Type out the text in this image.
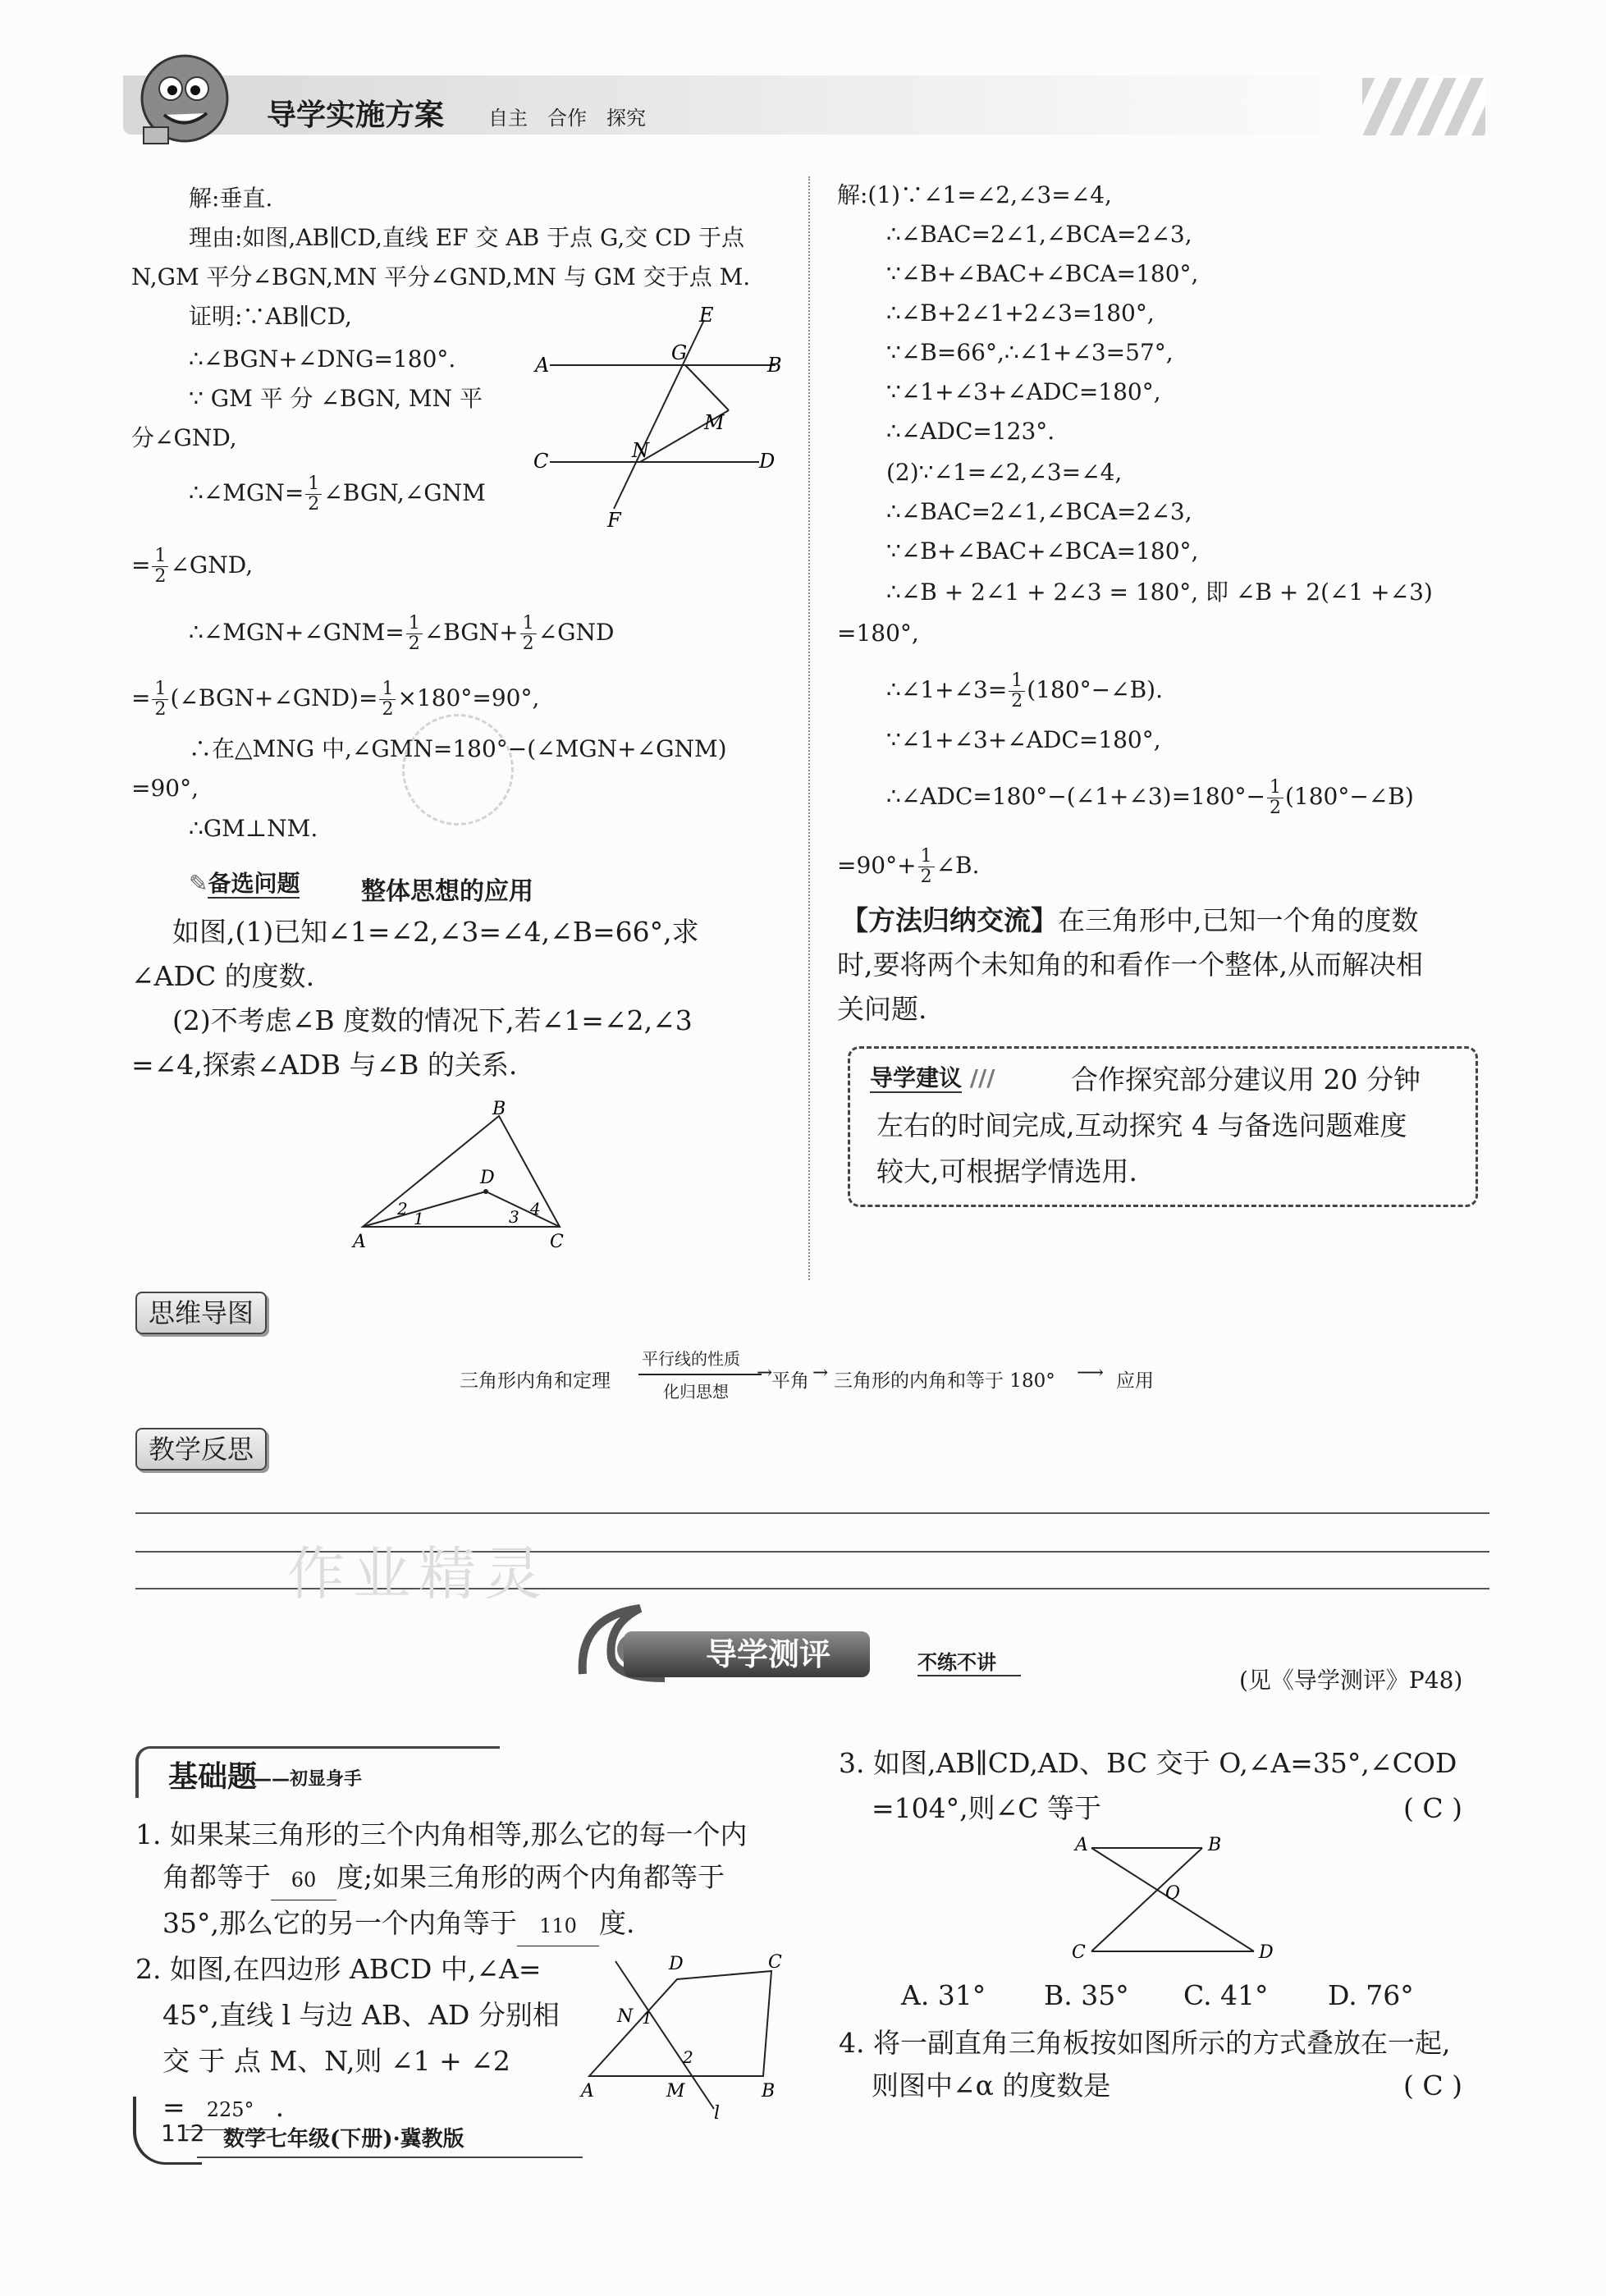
导学实施方案 自主　合作　探究
解:垂直.
理由:如图,AB∥CD,直线 EF 交 AB 于点 G,交 CD 于点
N,GM 平分∠BGN,MN 平分∠GND,MN 与 GM 交于点 M.
证明:∵AB∥CD,
∴∠BGN+∠DNG=180°.
∵ GM 平 分 ∠BGN, MN 平
分∠GND,
∴∠MGN= $\frac{1}{2}$ ∠BGN,∠GNM
= $\frac{1}{2}$ ∠GND,
∴∠MGN+∠GNM= $\frac{1}{2}$ ∠BGN+ $\frac{1}{2}$ ∠GND
= $\frac{1}{2}$ (∠BGN+∠GND)= $\frac{1}{2} \times 180^\circ=90^\circ$,
∴在△MNG 中,∠GMN=180°−(∠MGN+∠GNM)
=90°,
∴GM⊥NM.
E
A
G
B
M
C	N	D
F
✎备选问题 整体思想的应用
如图,(1)已知∠1=∠2,∠3=∠4,∠B=66°,求
∠ADC 的度数.
(2)不考虑∠B 度数的情况下,若∠1=∠2,∠3
=∠4,探索∠ADB 与∠B 的关系.
B
D
2 1	3 4
A	C
解:(1)∵∠1=∠2,∠3=∠4,
∴∠BAC=2∠1,∠BCA=2∠3,
∵∠B+∠BAC+∠BCA=180°,
∴∠B+2∠1+2∠3=180°,
∵∠B=66°,∴∠1+∠3=57°,
∵∠1+∠3+∠ADC=180°,
∴∠ADC=123°.
(2)∵∠1=∠2,∠3=∠4,
∴∠BAC=2∠1,∠BCA=2∠3,
∵∠B+∠BAC+∠BCA=180°,
∴∠B + 2∠1 + 2∠3 = 180°, 即 ∠B + 2(∠1 +∠3)
=180°,
∴∠1+∠3= $\frac{1}{2}$ (180°−∠B).
∵∠1+∠3+∠ADC=180°,
∴∠ADC=180°−(∠1+∠3)=180°− $\frac{1}{2}$ (180°−∠B)
$=90^\circ+ \frac{1}{2}$ ∠B.
【方法归纳交流】在三角形中,已知一个角的度数
时,要将两个未知角的和看作一个整体,从而解决相
关问题.
导学建议 ///	合作探究部分建议用 20 分钟
左右的时间完成,互动探究 4 与备选问题难度
较大,可根据学情选用.
思维导图
三角形内角和定理
平行线的性质
化归思想
→
平角 → 三角形的内角和等于 180° ⟶ 应用
教学反思
作业精灵
导学测评	不练不讲
(见《导学测评》P48)
基础题
——初显身手
1. 如果某三角形的三个内角相等,那么它的每一个内
角都等于 60 度;如果三角形的两个内角都等于
35°,那么它的另一个内角等于 110 度.
2. 如图,在四边形 ABCD 中,∠A=
45°,直线 l 与边 AB、AD 分别相
交 于 点 M、N,则 ∠1 + ∠2
= 225° .
D	C
N 1
2
A	M	B
l
3. 如图,AB∥CD,AD、BC 交于 O,∠A=35°,∠COD
=104°,则∠C 等于	( C )
A	B
O
C	D
A. 31° B. 35° C. 41° D. 76°
4. 将一副直角三角板按如图所示的方式叠放在一起,
则图中∠α 的度数是	( C )
112 数学七年级(下册)·冀教版
